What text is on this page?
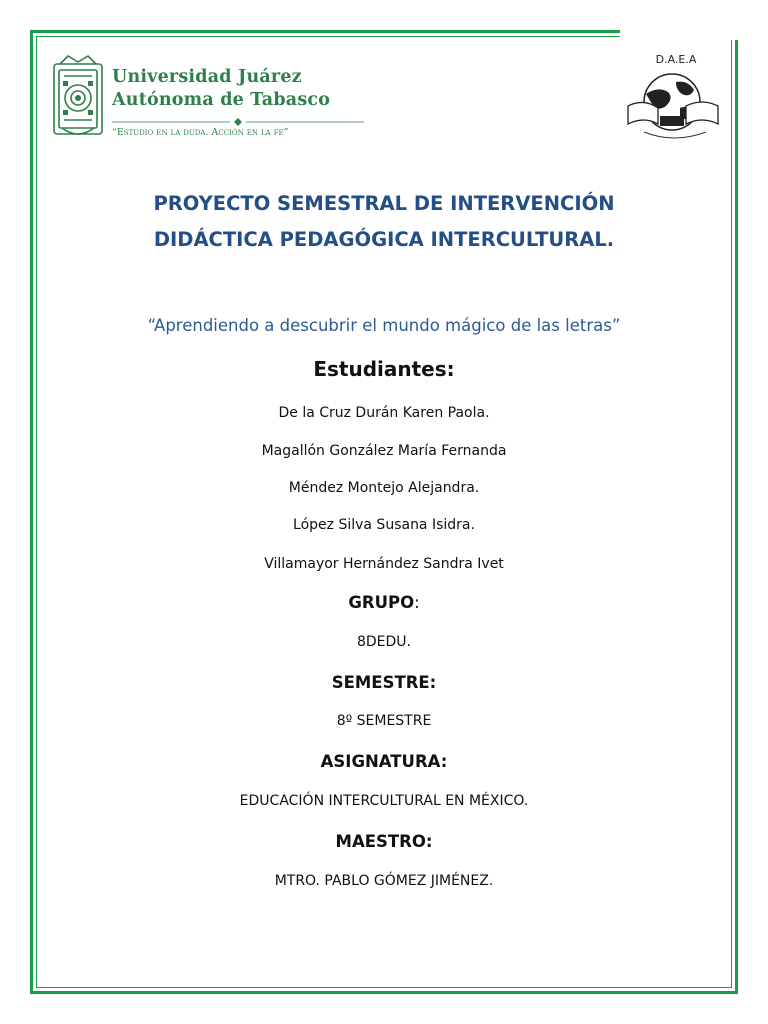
Universidad Juárez
Autónoma de Tabasco
“Estudio en la duda. Acción en la fe”
D.A.E.A
PROYECTO SEMESTRAL DE INTERVENCIÓN
DIDÁCTICA PEDAGÓGICA INTERCULTURAL.
“Aprendiendo a descubrir el mundo mágico de las letras”
Estudiantes:
De la Cruz Durán Karen Paola.
Magallón González María Fernanda
Méndez Montejo Alejandra.
López Silva Susana Isidra.
Villamayor Hernández Sandra Ivet
GRUPO:
8DEDU.
SEMESTRE:
8º SEMESTRE
ASIGNATURA:
EDUCACIÓN INTERCULTURAL EN MÉXICO.
MAESTRO:
MTRO. PABLO GÓMEZ JIMÉNEZ.
